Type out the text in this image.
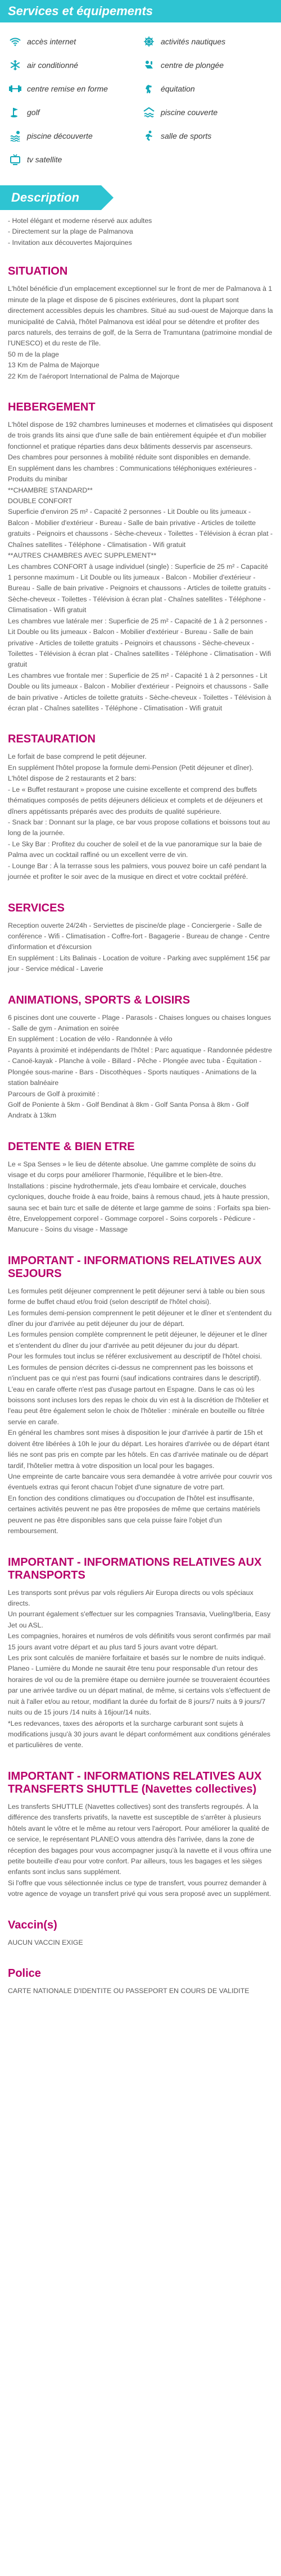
Services et équipements
accès internet	activités nautiques
air conditionné	centre de plongée
centre remise en forme	équitation
golf	piscine couverte
piscine découverte	salle de sports
tv satellite
Description

- Hotel élégant et moderne réservé aux adultes

- Directement sur la plage de Palmanova

- Invitation aux découvertes Majorquines

SITUATION

L'hôtel bénéficie d'un emplacement exceptionnel sur le front de mer de Palmanova à 1 minute de la plage et dispose de 6 piscines extérieures, dont la plupart sont directement accessibles depuis les chambres. Situé au sud-ouest de Majorque dans la municipalité de Calvià, l'hôtel Palmanova est idéal pour se détendre et profiter des parcs naturels, des terrains de golf, de la Serra de Tramuntana (patrimoine mondial de l'UNESCO) et du reste de l'île.

50 m de la plage

13 Km de Palma de Majorque

22 Km de l'aéroport International de Palma de Majorque

HEBERGEMENT

L'hôtel dispose de 192 chambres lumineuses et modernes et climatisées qui disposent de trois grands lits ainsi que d'une salle de bain entièrement équipée et d'un mobilier fonctionnel et pratique réparties dans deux bâtiments desservis par ascenseurs.

Des chambres pour personnes à mobilité réduite sont disponibles en demande.

En supplément dans les chambres : Communications téléphoniques extérieures - Produits du minibar

**CHAMBRE STANDARD**

DOUBLE CONFORT

Superficie d'environ 25 m² - Capacité 2 personnes - Lit Double ou lits jumeaux - Balcon - Mobilier d'extérieur - Bureau - Salle de bain privative - Articles de toilette gratuits - Peignoirs et chaussons - Sèche-cheveux - Toilettes - Télévision à écran plat - Chaînes satellites - Téléphone - Climatisation - Wifi gratuit

**AUTRES CHAMBRES AVEC SUPPLEMENT**

Les chambres CONFORT à usage individuel (single) : Superficie de 25 m² - Capacité 1 personne maximum - Lit Double ou lits jumeaux - Balcon - Mobilier d'extérieur - Bureau - Salle de bain privative - Peignoirs et chaussons - Articles de toilette gratuits - Sèche-cheveux - Toilettes - Télévision à écran plat - Chaînes satellites - Téléphone - Climatisation - Wifi gratuit

Les chambres vue latérale mer : Superficie de 25 m² - Capacité de 1 à 2 personnes - Lit Double ou lits jumeaux - Balcon - Mobilier d'extérieur - Bureau - Salle de bain privative - Articles de toilette gratuits - Peignoirs et chaussons - Sèche-cheveux - Toilettes - Télévision à écran plat - Chaînes satellites - Téléphone - Climatisation - Wifi gratuit

Les chambres vue frontale mer : Superficie de 25 m² - Capacité 1 à 2 personnes - Lit Double ou lits jumeaux - Balcon - Mobilier d'extérieur - Peignoirs et chaussons - Salle de bain privative - Articles de toilette gratuits - Sèche-cheveux - Toilettes - Télévision à écran plat - Chaînes satellites - Téléphone - Climatisation - Wifi gratuit

RESTAURATION

Le forfait de base comprend le petit déjeuner.

En supplément l'hôtel propose la formule demi-Pension (Petit déjeuner et dîner).

L'hôtel dispose de 2 restaurants et 2 bars:

- Le « Buffet restaurant » propose une cuisine excellente et comprend des buffets thématiques composés de petits déjeuners délicieux et complets et de déjeuners et dîners appétissants préparés avec des produits de qualité supérieure.

- Snack bar : Donnant sur la plage, ce bar vous propose collations et boissons tout au long de la journée.

- Le Sky Bar : Profitez du coucher de soleil et de la vue panoramique sur la baie de Palma avec un cocktail raffiné ou un excellent verre de vin.

- Lounge Bar : À la terrasse sous les palmiers, vous pouvez boire un café pendant la journée et profiter le soir avec de la musique en direct et votre cocktail préféré.

SERVICES

Reception ouverte 24/24h - Serviettes de piscine/de plage - Conciergerie - Salle de conférence - Wifi - Climatisation - Coffre-fort - Bagagerie - Bureau de change - Centre d'information et d'éxcursion

En supplément : Lits Balinais - Location de voiture - Parking avec supplément 15€ par jour - Service médical - Laverie

ANIMATIONS, SPORTS & LOISIRS

6 piscines dont une couverte - Plage - Parasols - Chaises longues ou chaises longues - Salle de gym - Animation en soirée

En supplément : Location de vélo - Randonnée à vélo

Payants à proximité et indépendants de l'hôtel : Parc aquatique - Randonnée pédestre - Canoë-kayak - Planche à voile - Billard - Pêche - Plongée avec tuba - Équitation - Plongée sous-marine - Bars - Discothèques - Sports nautiques - Animations de la station balnéaire

Parcours de Golf à proximité :

Golf de Poniente à 5km - Golf Bendinat à 8km - Golf Santa Ponsa à 8km - Golf Andratx à 13km

DETENTE & BIEN ETRE

Le « Spa Senses » le lieu de détente absolue. Une gamme complète de soins du visage et du corps pour améliorer l'harmonie, l'équilibre et le bien-être.

Installations : piscine hydrothermale, jets d'eau lombaire et cervicale, douches cycloniques, douche froide à eau froide, bains à remous chaud, jets à haute pression, sauna sec et bain turc et salle de détente et large gamme de soins : Forfaits spa bien-être, Enveloppement corporel - Gommage corporel - Soins corporels - Pédicure - Manucure - Soins du visage - Massage

IMPORTANT - INFORMATIONS RELATIVES AUX SEJOURS

Les formules petit déjeuner comprennent le petit déjeuner servi à table ou bien sous forme de buffet chaud et/ou froid (selon descriptif de l'hôtel choisi).

Les formules demi-pension comprennent le petit déjeuner et le dîner et s'entendent du dîner du jour d'arrivée au petit déjeuner du jour de départ.

Les formules pension complète comprennent le petit déjeuner, le déjeuner et le dîner et s'entendent du dîner du jour d'arrivée au petit déjeuner du jour du départ.

Pour les formules tout inclus se référer exclusivement au descriptif de l'hôtel choisi.

Les formules de pension décrites ci-dessus ne comprennent pas les boissons et n'incluent pas ce qui n'est pas fourni (sauf indications contraires dans le descriptif). L'eau en carafe offerte n'est pas d'usage partout en Espagne. Dans le cas où les boissons sont incluses lors des repas le choix du vin est à la discrétion de l'hôtelier et l'eau peut être également selon le choix de l'hôtelier : minérale en bouteille ou filtrée servie en carafe.

En général les chambres sont mises à disposition le jour d'arrivée à partir de 15h et doivent être libérées à 10h le jour du départ. Les horaires d'arrivée ou de départ étant liés ne sont pas pris en compte par les hôtels. En cas d'arrivée matinale ou de départ tardif, l'hôtelier mettra à votre disposition un local pour les bagages.

Une empreinte de carte bancaire vous sera demandée à votre arrivée pour couvrir vos éventuels extras qui feront chacun l'objet d'une signature de votre part.

En fonction des conditions climatiques ou d'occupation de l'hôtel est insuffisante, certaines activités peuvent ne pas être proposées de même que certains matériels peuvent ne pas être disponibles sans que cela puisse faire l'objet d'un remboursement.

IMPORTANT - INFORMATIONS RELATIVES AUX TRANSPORTS

Les transports sont prévus par vols réguliers Air Europa directs ou vols spéciaux directs.

Un pourrant également s'effectuer sur les compagnies Transavia, Vueling/Iberia, Easy Jet ou ASL.

Les compagnies, horaires et numéros de vols définitifs vous seront confirmés par mail 15 jours avant votre départ et au plus tard 5 jours avant votre départ.

Les prix sont calculés de manière forfaitaire et basés sur le nombre de nuits indiqué.

Planeo - Lumière du Monde ne saurait être tenu pour responsable d'un retour des horaires de vol ou de la première étape ou dernière journée se trouveraient écourtées par une arrivée tardive ou un départ matinal, de même, si certains vols s'effectuent de nuit à l'aller et/ou au retour, modifiant la durée du forfait de 8 jours/7 nuits à 9 jours/7 nuits ou de 15 jours /14 nuits à 16jour/14 nuits.

*Les redevances, taxes des aéroports et la surcharge carburant sont sujets à modifications jusqu'à 30 jours avant le départ conformément aux conditions générales et particulières de vente.

IMPORTANT - INFORMATIONS RELATIVES AUX TRANSFERTS SHUTTLE (Navettes collectives)

Les transferts SHUTTLE (Navettes collectives) sont des transferts regroupés. À la différence des transferts privatifs, la navette est susceptible de s'arrêter à plusieurs hôtels avant le vôtre et le même au retour vers l'aéroport. Pour améliorer la qualité de ce service, le représentant PLANEO vous attendra dès l'arrivée, dans la zone de réception des bagages pour vous accompagner jusqu'à la navette et il vous offrira une petite bouteille d'eau pour votre confort. Par ailleurs, tous les bagages et les sièges enfants sont inclus sans supplément.

Si l'offre que vous sélectionnée inclus ce type de transfert, vous pourrez demander à votre agence de voyage un transfert privé qui vous sera proposé avec un supplément.

Vaccin(s)

AUCUN VACCIN EXIGE

Police

CARTE NATIONALE D'IDENTITE OU PASSEPORT EN COURS DE VALIDITE
